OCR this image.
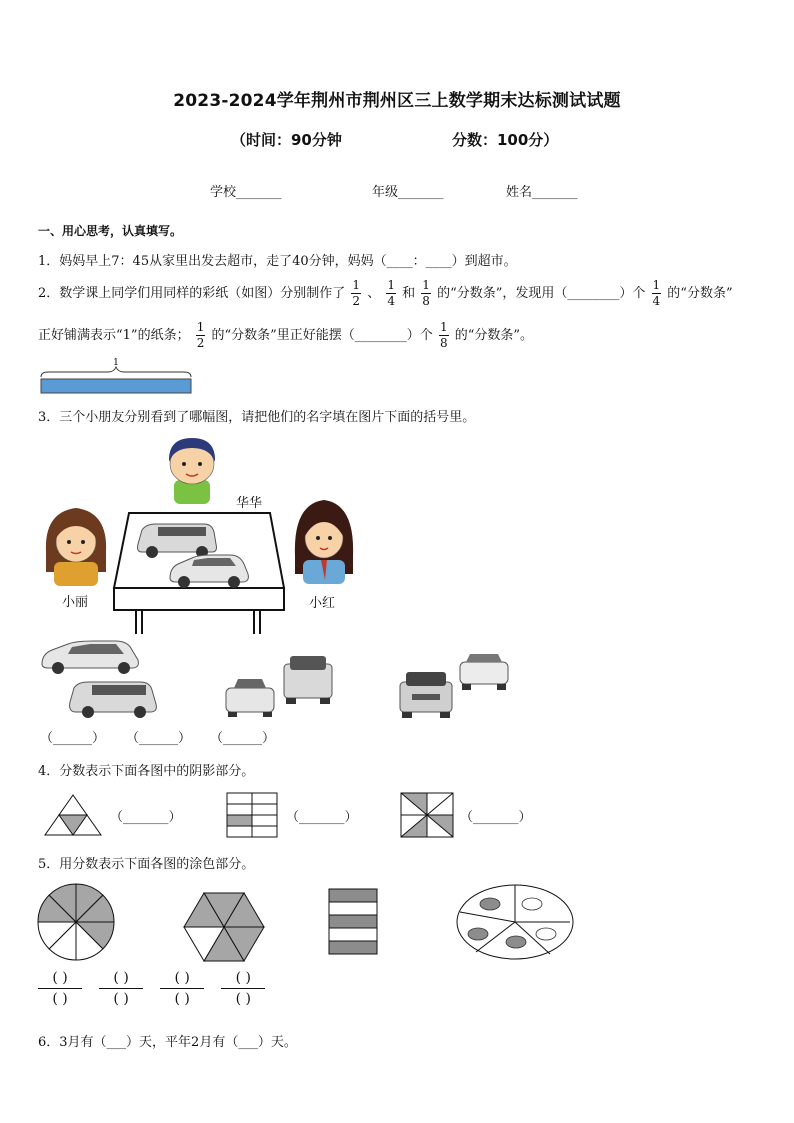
2023-2024学年荆州市荆州区三上数学期末达标测试试题
（时间：90分钟	分数：100分）
学校_______	年级_______	姓名_______
一、用心思考，认真填写。
1．妈妈早上7：45从家里出发去超市，走了40分钟，妈妈（____：____）到超市。
2．数学课上同学们用同样的彩纸（如图）分别制作了 $\frac{1}{2}$ 、 $\frac{1}{4}$ 和 $\frac{1}{8}$ 的“分数条”，发现用（________）个 $\frac{1}{4}$ 的“分数条”
正好铺满表示“1”的纸条； $\frac{1}{2}$ 的“分数条”里正好能摆（________）个 $\frac{1}{8}$ 的“分数条”。
1
3．三个小朋友分别看到了哪幅图，请把他们的名字填在图片下面的括号里。
华华
小丽	小红
（______） （______） （______）
4．分数表示下面各图中的阴影部分。
（_______）	（_______）	（_______）
5．用分数表示下面各图的涂色部分。
( )
( )

( )
( )

( )
( )

( )
( )
6．3月有（___）天，平年2月有（___）天。
